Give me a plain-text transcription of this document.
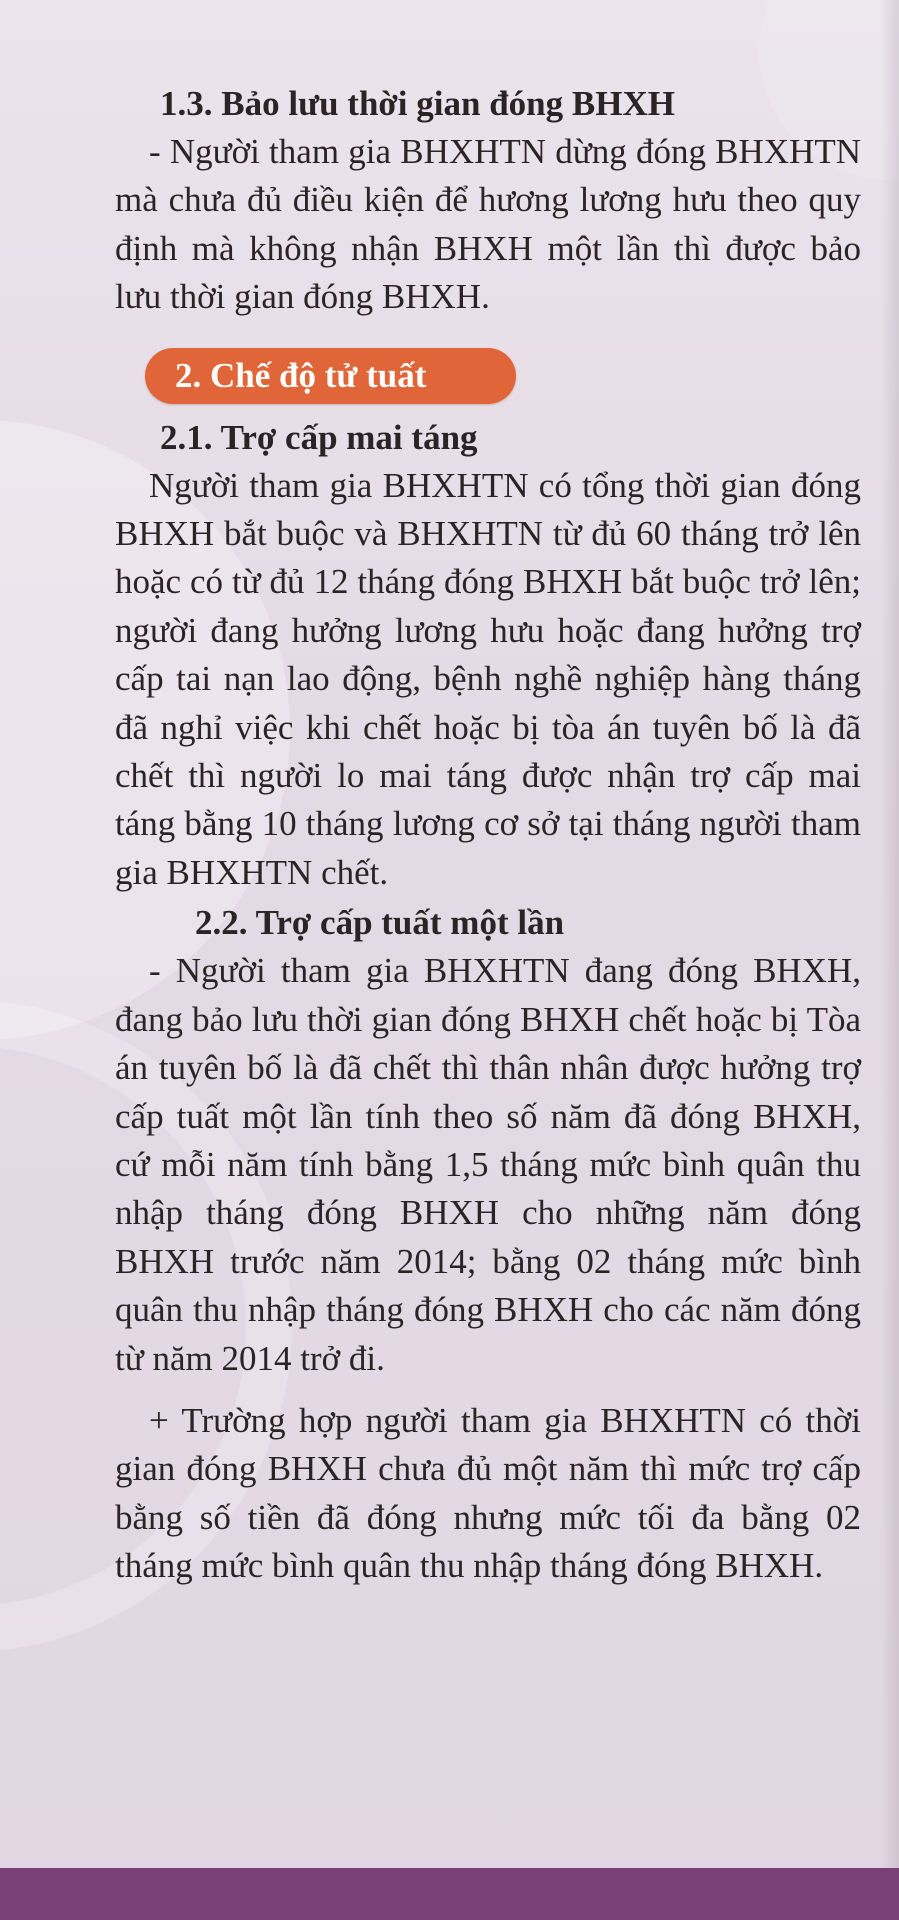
1.3. Bảo lưu thời gian đóng BHXH

- Người tham gia BHXHTN dừng đóng BHXHTN mà chưa đủ điều kiện để hương lương hưu theo quy định mà không nhận BHXH một lần thì được bảo lưu thời gian đóng BHXH.

2. Chế độ tử tuất
2.1. Trợ cấp mai táng

Người tham gia BHXHTN có tổng thời gian đóng BHXH bắt buộc và BHXHTN từ đủ 60 tháng trở lên hoặc có từ đủ 12 tháng đóng BHXH bắt buộc trở lên; người đang hưởng lương hưu hoặc đang hưởng trợ cấp tai nạn lao động, bệnh nghề nghiệp hàng tháng đã nghỉ việc khi chết hoặc bị tòa án tuyên bố là đã chết thì người lo mai táng được nhận trợ cấp mai táng bằng 10 tháng lương cơ sở tại tháng người tham gia BHXHTN chết.

2.2. Trợ cấp tuất một lần

- Người tham gia BHXHTN đang đóng BHXH, đang bảo lưu thời gian đóng BHXH chết hoặc bị Tòa án tuyên bố là đã chết thì thân nhân được hưởng trợ cấp tuất một lần tính theo số năm đã đóng BHXH, cứ mỗi năm tính bằng 1,5 tháng mức bình quân thu nhập tháng đóng BHXH cho những năm đóng BHXH trước năm 2014; bằng 02 tháng mức bình quân thu nhập tháng đóng BHXH cho các năm đóng từ năm 2014 trở đi.

+ Trường hợp người tham gia BHXHTN có thời gian đóng BHXH chưa đủ một năm thì mức trợ cấp bằng số tiền đã đóng nhưng mức tối đa bằng 02 tháng mức bình quân thu nhập tháng đóng BHXH.
